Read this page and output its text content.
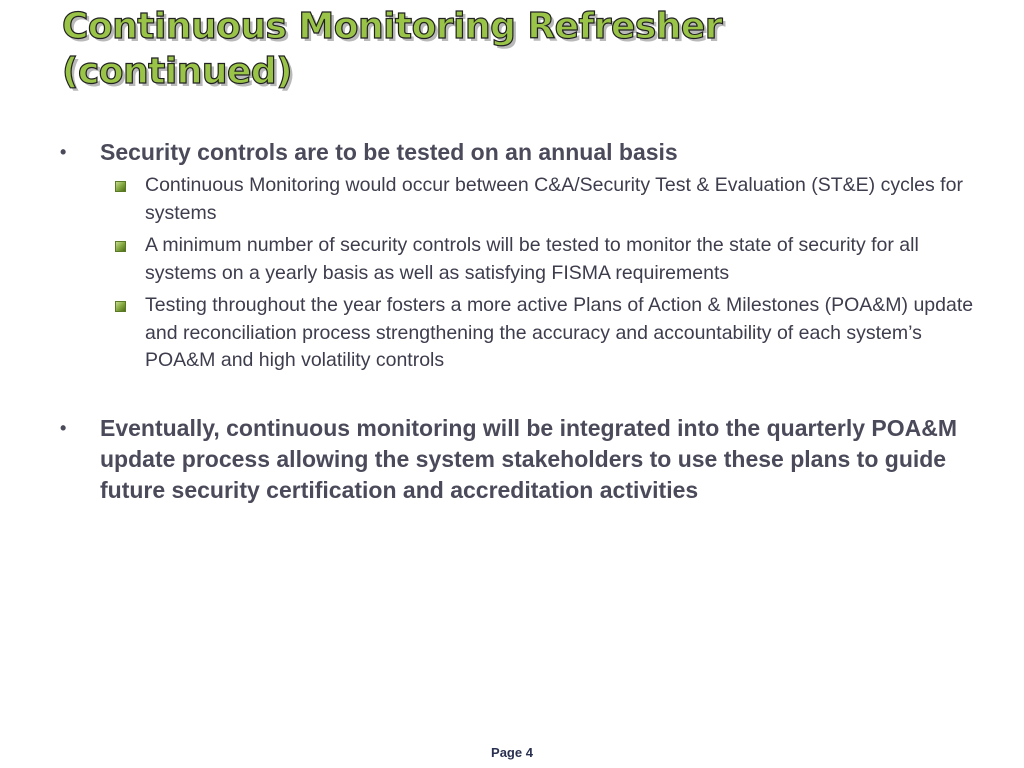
Continuous Monitoring Refresher
(continued)
• Security controls are to be tested on an annual basis
Continuous Monitoring would occur between C&A/Security Test & Evaluation (ST&E) cycles for systems
A minimum number of security controls will be tested to monitor the state of security for all systems on a yearly basis as well as satisfying FISMA requirements
Testing throughout the year fosters a more active Plans of Action & Milestones (POA&M) update and reconciliation process strengthening the accuracy and accountability of each system’s POA&M and high volatility controls
• Eventually, continuous monitoring will be integrated into the quarterly POA&M update process allowing the system stakeholders to use these plans to guide future security certification and accreditation activities
Page 4
